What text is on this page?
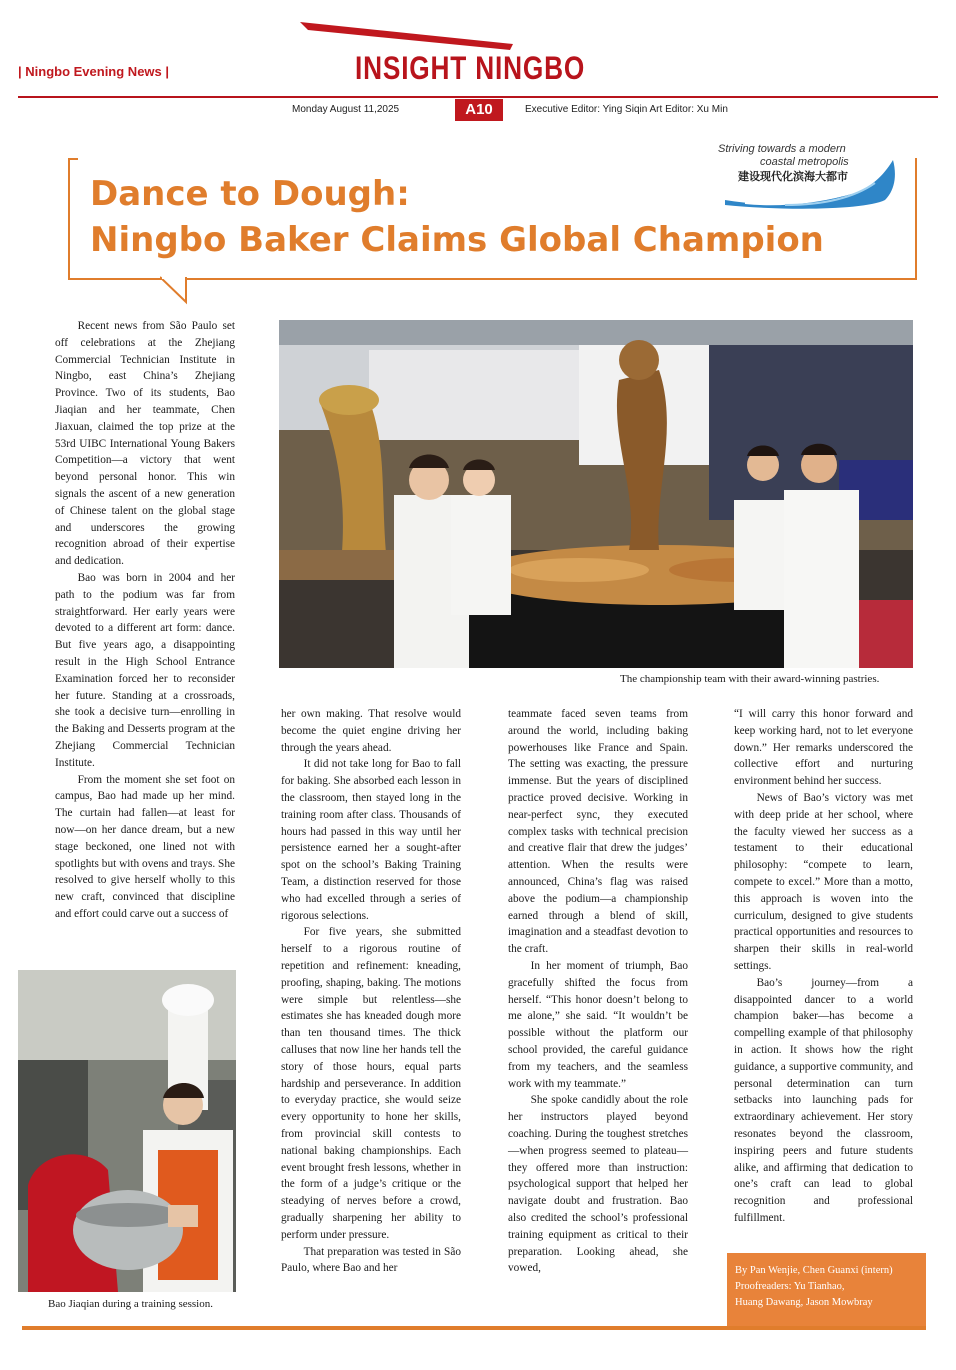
| Ningbo Evening News |	INSIGHT NINGBO
Monday August 11,2025	A10	Executive Editor: Ying Siqin Art Editor: Xu Min
Dance to Dough:
Ningbo Baker Claims Global Champion
Striving towards a modern
coastal metropolis
建设现代化滨海大都市
The championship team with their award-winning pastries.
Bao Jiaqian during a training session.

Recent news from São Paulo set off celebrations at the Zhejiang Commercial Technician Institute in Ningbo, east China’s Zhejiang Province. Two of its students, Bao Jiaqian and her teammate, Chen Jiaxuan, claimed the top prize at the 53rd UIBC International Young Bakers Competition—a victory that went beyond personal honor. This win signals the ascent of a new generation of Chinese talent on the global stage and underscores the growing recognition abroad of their expertise and dedication.

Bao was born in 2004 and her path to the podium was far from straightforward. Her early years were devoted to a different art form: dance. But five years ago, a disappointing result in the High School Entrance Examination forced her to reconsider her future. Standing at a crossroads, she took a decisive turn—enrolling in the Baking and Desserts program at the Zhejiang Commercial Technician Institute.

From the moment she set foot on campus, Bao had made up her mind. The curtain had fallen—at least for now—on her dance dream, but a new stage beckoned, one lined not with spotlights but with ovens and trays. She resolved to give herself wholly to this new craft, convinced that discipline and effort could carve out a success of

her own making. That resolve would become the quiet engine driving her through the years ahead.

It did not take long for Bao to fall for baking. She absorbed each lesson in the classroom, then stayed long in the training room after class. Thousands of hours had passed in this way until her persistence earned her a sought-after spot on the school’s Baking Training Team, a distinction reserved for those who had excelled through a series of rigorous selections.

For five years, she submitted herself to a rigorous routine of repetition and refinement: kneading, proofing, shaping, baking. The motions were simple but relentless—she estimates she has kneaded dough more than ten thousand times. The thick calluses that now line her hands tell the story of those hours, equal parts hardship and perseverance. In addition to everyday practice, she would seize every opportunity to hone her skills, from provincial skill contests to national baking championships. Each event brought fresh lessons, whether in the form of a judge’s critique or the steadying of nerves before a crowd, gradually sharpening her ability to perform under pressure.

That preparation was tested in São Paulo, where Bao and her

teammate faced seven teams from around the world, including baking powerhouses like France and Spain. The setting was exacting, the pressure immense. But the years of disciplined practice proved decisive. Working in near-perfect sync, they executed complex tasks with technical precision and creative flair that drew the judges’ attention. When the results were announced, China’s flag was raised above the podium—a championship earned through a blend of skill, imagination and a steadfast devotion to the craft.

In her moment of triumph, Bao gracefully shifted the focus from herself. “This honor doesn’t belong to me alone,” she said. “It wouldn’t be possible without the platform our school provided, the careful guidance from my teachers, and the seamless work with my teammate.”

She spoke candidly about the role her instructors played beyond coaching. During the toughest stretches—when progress seemed to plateau—they offered more than instruction: psychological support that helped her navigate doubt and frustration. Bao also credited the school’s professional training equipment as critical to their preparation. Looking ahead, she vowed,

“I will carry this honor forward and keep working hard, not to let everyone down.” Her remarks underscored the collective effort and nurturing environment behind her success.

News of Bao’s victory was met with deep pride at her school, where the faculty viewed her success as a testament to their educational philosophy: “compete to learn, compete to excel.” More than a motto, this approach is woven into the curriculum, designed to give students practical opportunities and resources to sharpen their skills in real-world settings.

Bao’s journey—from a disappointed dancer to a world champion baker—has become a compelling example of that philosophy in action. It shows how the right guidance, a supportive community, and personal determination can turn setbacks into launching pads for extraordinary achievement. Her story resonates beyond the classroom, inspiring peers and future students alike, and affirming that dedication to one’s craft can lead to global recognition and professional fulfillment.

By Pan Wenjie, Chen Guanxi (intern)
Proofreaders: Yu Tianhao,
Huang Dawang, Jason Mowbray
